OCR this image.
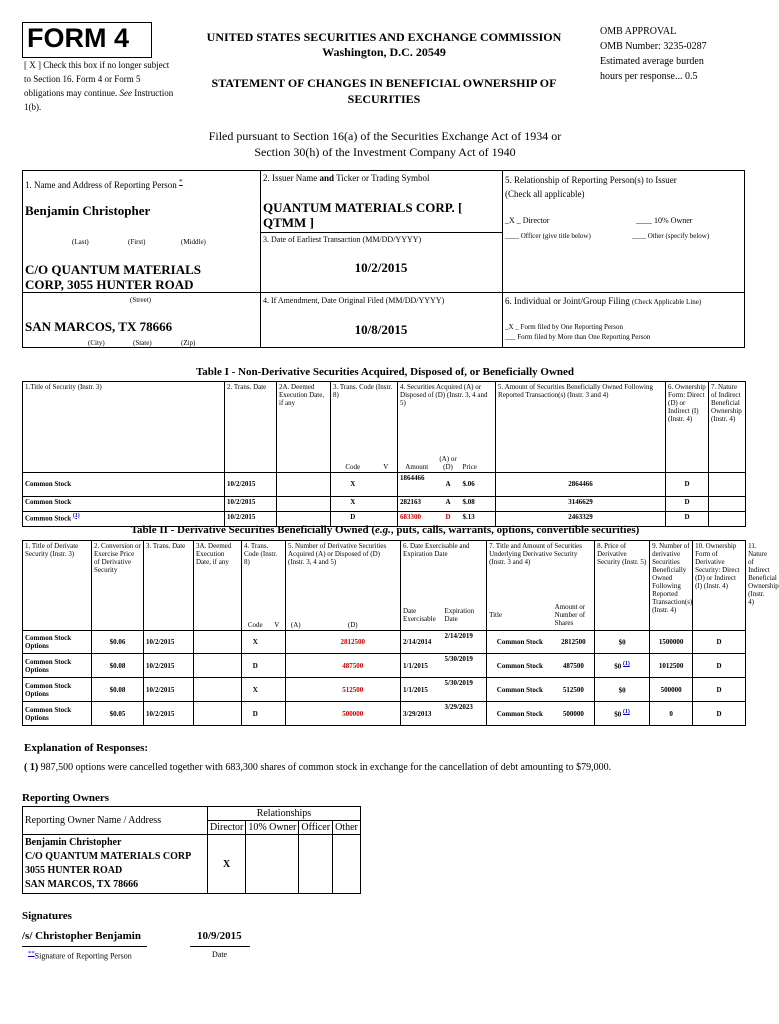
FORM 4
[ X ] Check this box if no longer subject to Section 16. Form 4 or Form 5 obligations may continue. See Instruction 1(b).
UNITED STATES SECURITIES AND EXCHANGE COMMISSION
Washington, D.C. 20549
STATEMENT OF CHANGES IN BENEFICIAL OWNERSHIP OF SECURITIES
OMB APPROVAL
OMB Number: 3235-0287
Estimated average burden
hours per response... 0.5
Filed pursuant to Section 16(a) of the Securities Exchange Act of 1934 or
Section 30(h) of the Investment Company Act of 1940
1. Name and Address of Reporting Person *
Benjamin Christopher
(Last)	(First)	(Middle)
C/O QUANTUM MATERIALS CORP, 3055 HUNTER ROAD
(Street)
SAN MARCOS, TX 78666
(City)	(State)	(Zip)
2. Issuer Name and Ticker or Trading Symbol
QUANTUM MATERIALS CORP. [ QTMM ]
3. Date of Earliest Transaction (MM/DD/YYYY)
10/2/2015
4. If Amendment, Date Original Filed (MM/DD/YYYY)
10/8/2015
5. Relationship of Reporting Person(s) to Issuer
(Check all applicable)
_X _ Director	____ 10% Owner
____ Officer (give title below)	____ Other (specify below)
6. Individual or Joint/Group Filing (Check Applicable Line)
_X _ Form filed by One Reporting Person
___ Form filed by More than One Reporting Person
Table I - Non-Derivative Securities Acquired, Disposed of, or Beneficially Owned
1.Title of Security (Instr. 3)	2. Trans. Date	2A. Deemed Execution Date, if any	3. Trans. Code (Instr. 8)		4. Securities Acquired (A) or Disposed of (D) (Instr. 3, 4 and 5)			5. Amount of Securities Beneficially Owned Following Reported Transaction(s) (Instr. 3 and 4)	6. Ownership Form: Direct (D) or Indirect (I) (Instr. 4)	7. Nature of Indirect Beneficial Ownership (Instr. 4)
			Code	V	Amount	(A) or (D)	Price			
Common Stock	10/2/2015		X		1864466	A	$.06	2864466	D	
Common Stock	10/2/2015		X		282163	A	$.08	3146629	D	
Common Stock $^{(1)}$	10/2/2015		D		683300	D	$.13	2463329	D	
Table II - Derivative Securities Beneficially Owned (e.g., puts, calls, warrants, options, convertible securities)
1. Title of Derivate Security (Instr. 3)	2. Conversion or Exercise Price of Derivative Security	3. Trans. Date	3A. Deemed Execution Date, if any	4. Trans. Code (Instr. 8)		5. Number of Derivative Securities Acquired (A) or Disposed of (D) (Instr. 3, 4 and 5)		6. Date Exercisable and Expiration Date		7. Title and Amount of Securities Underlying Derivative Security (Instr. 3 and 4)		8. Price of Derivative Security (Instr. 5)	9. Number of derivative Securities Beneficially Owned Following Reported Transaction(s) (Instr. 4)	10. Ownership Form of Derivative Security: Direct (D) or Indirect (I) (Instr. 4)	11. Nature of Indirect Beneficial Ownership (Instr. 4)
				Code	V	(A)	(D)	Date Exercisable	Expiration Date	Title	Amount or Number of Shares				
Common Stock Options	$0.06	10/2/2015		X			2812500	2/14/2014	2/14/2019	Common Stock	2812500	$0	1500000	D	
Common Stock Options	$0.08	10/2/2015		D			487500	1/1/2015	5/30/2019	Common Stock	487500	$0 $^{(1)}$	1012500	D	
Common Stock Options	$0.08	10/2/2015		X			512500	1/1/2015	5/30/2019	Common Stock	512500	$0	500000	D	
Common Stock Options	$0.05	10/2/2015		D			500000	3/29/2013	3/29/2023	Common Stock	500000	$0 $^{(1)}$	0	D	
Explanation of Responses:
( 1) 987,500 options were cancelled together with 683,300 shares of common stock in exchange for the cancellation of debt amounting to $79,000.
Reporting Owners
Reporting Owner Name / Address	Relationships			
	Director	10% Owner	Officer	Other

Benjamin Christopher
C/O QUANTUM MATERIALS CORP
3055 HUNTER ROAD
SAN MARCOS, TX 78666	X			
Signatures
/s/ Christopher Benjamin	10/9/2015
**Signature of Reporting Person	Date
